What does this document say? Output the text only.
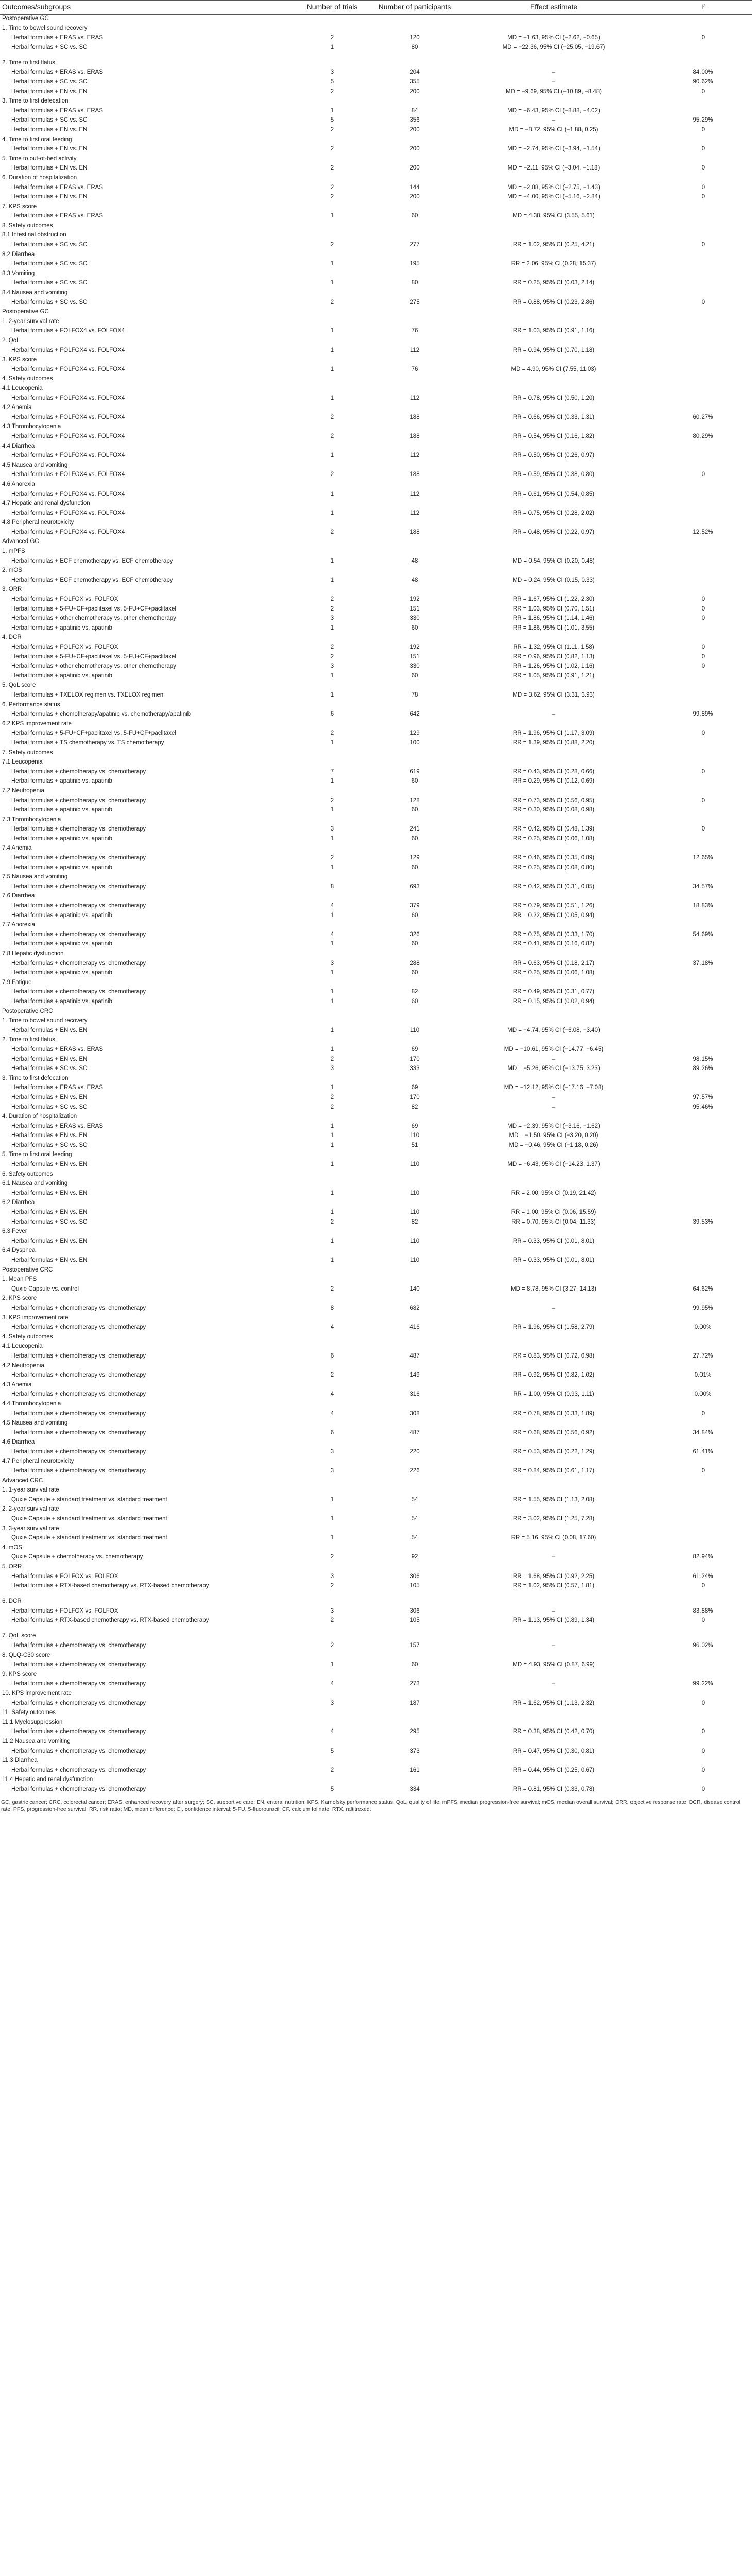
Outcomes/subgroups	Number of trials	Number of participants	Effect estimate	I²
Postoperative GC				
1. Time to bowel sound recovery				
Herbal formulas + ERAS vs. ERAS	2	120	MD = −1.63, 95% CI (−2.62, −0.65)	0
Herbal formulas + SC vs. SC	1	80	MD = −22.36, 95% CI (−25.05, −19.67)	
2. Time to first flatus				
Herbal formulas + ERAS vs. ERAS	3	204	–	84.00%
Herbal formulas + SC vs. SC	5	355	–	90.62%
Herbal formulas + EN vs. EN	2	200	MD = −9.69, 95% CI (−10.89, −8.48)	0
3. Time to first defecation				
Herbal formulas + ERAS vs. ERAS	1	84	MD = −6.43, 95% CI (−8.88, −4.02)	
Herbal formulas + SC vs. SC	5	356	–	95.29%
Herbal formulas + EN vs. EN	2	200	MD = −8.72, 95% CI (−1.88, 0.25)	0
4. Time to first oral feeding				
Herbal formulas + EN vs. EN	2	200	MD = −2.74, 95% CI (−3.94, −1.54)	0
5. Time to out-of-bed activity				
Herbal formulas + EN vs. EN	2	200	MD = −2.11, 95% CI (−3.04, −1.18)	0
6. Duration of hospitalization				
Herbal formulas + ERAS vs. ERAS	2	144	MD = −2.88, 95% CI (−2.75, −1.43)	0
Herbal formulas + EN vs. EN	2	200	MD = −4.00, 95% CI (−5.16, −2.84)	0
7. KPS score				
Herbal formulas + ERAS vs. ERAS	1	60	MD = 4.38, 95% CI (3.55, 5.61)	
8. Safety outcomes				
8.1 Intestinal obstruction				
Herbal formulas + SC vs. SC	2	277	RR = 1.02, 95% CI (0.25, 4.21)	0
8.2 Diarrhea				
Herbal formulas + SC vs. SC	1	195	RR = 2.06, 95% CI (0.28, 15.37)	
8.3 Vomiting				
Herbal formulas + SC vs. SC	1	80	RR = 0.25, 95% CI (0.03, 2.14)	
8.4 Nausea and vomiting				
Herbal formulas + SC vs. SC	2	275	RR = 0.88, 95% CI (0.23, 2.86)	0
Postoperative GC				
1. 2-year survival rate				
Herbal formulas + FOLFOX4 vs. FOLFOX4	1	76	RR = 1.03, 95% CI (0.91, 1.16)	
2. QoL				
Herbal formulas + FOLFOX4 vs. FOLFOX4	1	112	RR = 0.94, 95% CI (0.70, 1.18)	
3. KPS score				
Herbal formulas + FOLFOX4 vs. FOLFOX4	1	76	MD = 4.90, 95% CI (7.55, 11.03)	
4. Safety outcomes				
4.1 Leucopenia				
Herbal formulas + FOLFOX4 vs. FOLFOX4	1	112	RR = 0.78, 95% CI (0.50, 1.20)	
4.2 Anemia				
Herbal formulas + FOLFOX4 vs. FOLFOX4	2	188	RR = 0.66, 95% CI (0.33, 1.31)	60.27%
4.3 Thrombocytopenia				
Herbal formulas + FOLFOX4 vs. FOLFOX4	2	188	RR = 0.54, 95% CI (0.16, 1.82)	80.29%
4.4 Diarrhea				
Herbal formulas + FOLFOX4 vs. FOLFOX4	1	112	RR = 0.50, 95% CI (0.26, 0.97)	
4.5 Nausea and vomiting				
Herbal formulas + FOLFOX4 vs. FOLFOX4	2	188	RR = 0.59, 95% CI (0.38, 0.80)	0
4.6 Anorexia				
Herbal formulas + FOLFOX4 vs. FOLFOX4	1	112	RR = 0.61, 95% CI (0.54, 0.85)	
4.7 Hepatic and renal dysfunction				
Herbal formulas + FOLFOX4 vs. FOLFOX4	1	112	RR = 0.75, 95% CI (0.28, 2.02)	
4.8 Peripheral neurotoxicity				
Herbal formulas + FOLFOX4 vs. FOLFOX4	2	188	RR = 0.48, 95% CI (0.22, 0.97)	12.52%
Advanced GC				
1. mPFS				
Herbal formulas + ECF chemotherapy vs. ECF chemotherapy	1	48	MD = 0.54, 95% CI (0.20, 0.48)	
2. mOS				
Herbal formulas + ECF chemotherapy vs. ECF chemotherapy	1	48	MD = 0.24, 95% CI (0.15, 0.33)	
3. ORR				
Herbal formulas + FOLFOX vs. FOLFOX	2	192	RR = 1.67, 95% CI (1.22, 2.30)	0
Herbal formulas + 5-FU+CF+paclitaxel vs. 5-FU+CF+paclitaxel	2	151	RR = 1.03, 95% CI (0.70, 1.51)	0
Herbal formulas + other chemotherapy vs. other chemotherapy	3	330	RR = 1.86, 95% CI (1.14, 1.46)	0
Herbal formulas + apatinib vs. apatinib	1	60	RR = 1.86, 95% CI (1.01, 3.55)	
4. DCR				
Herbal formulas + FOLFOX vs. FOLFOX	2	192	RR = 1.32, 95% CI (1.11, 1.58)	0
Herbal formulas + 5-FU+CF+paclitaxel vs. 5-FU+CF+paclitaxel	2	151	RR = 0.96, 95% CI (0.82, 1.13)	0
Herbal formulas + other chemotherapy vs. other chemotherapy	3	330	RR = 1.26, 95% CI (1.02, 1.16)	0
Herbal formulas + apatinib vs. apatinib	1	60	RR = 1.05, 95% CI (0.91, 1.21)	
5. QoL score				
Herbal formulas + TXELOX regimen vs. TXELOX regimen	1	78	MD = 3.62, 95% CI (3.31, 3.93)	
6. Performance status				
Herbal formulas + chemotherapy/apatinib vs. chemotherapy/apatinib	6	642	–	99.89%
6.2 KPS improvement rate				
Herbal formulas + 5-FU+CF+paclitaxel vs. 5-FU+CF+paclitaxel	2	129	RR = 1.96, 95% CI (1.17, 3.09)	0
Herbal formulas + TS chemotherapy vs. TS chemotherapy	1	100	RR = 1.39, 95% CI (0.88, 2.20)	
7. Safety outcomes				
7.1 Leucopenia				
Herbal formulas + chemotherapy vs. chemotherapy	7	619	RR = 0.43, 95% CI (0.28, 0.66)	0
Herbal formulas + apatinib vs. apatinib	1	60	RR = 0.29, 95% CI (0.12, 0.69)	
7.2 Neutropenia				
Herbal formulas + chemotherapy vs. chemotherapy	2	128	RR = 0.73, 95% CI (0.56, 0.95)	0
Herbal formulas + apatinib vs. apatinib	1	60	RR = 0.30, 95% CI (0.08, 0.98)	
7.3 Thrombocytopenia				
Herbal formulas + chemotherapy vs. chemotherapy	3	241	RR = 0.42, 95% CI (0.48, 1.39)	0
Herbal formulas + apatinib vs. apatinib	1	60	RR = 0.25, 95% CI (0.06, 1.08)	
7.4 Anemia				
Herbal formulas + chemotherapy vs. chemotherapy	2	129	RR = 0.46, 95% CI (0.35, 0.89)	12.65%
Herbal formulas + apatinib vs. apatinib	1	60	RR = 0.25, 95% CI (0.08, 0.80)	
7.5 Nausea and vomiting				
Herbal formulas + chemotherapy vs. chemotherapy	8	693	RR = 0.42, 95% CI (0.31, 0.85)	34.57%
7.6 Diarrhea				
Herbal formulas + chemotherapy vs. chemotherapy	4	379	RR = 0.79, 95% CI (0.51, 1.26)	18.83%
Herbal formulas + apatinib vs. apatinib	1	60	RR = 0.22, 95% CI (0.05, 0.94)	
7.7 Anorexia				
Herbal formulas + chemotherapy vs. chemotherapy	4	326	RR = 0.75, 95% CI (0.33, 1.70)	54.69%
Herbal formulas + apatinib vs. apatinib	1	60	RR = 0.41, 95% CI (0.16, 0.82)	
7.8 Hepatic dysfunction				
Herbal formulas + chemotherapy vs. chemotherapy	3	288	RR = 0.63, 95% CI (0.18, 2.17)	37.18%
Herbal formulas + apatinib vs. apatinib	1	60	RR = 0.25, 95% CI (0.06, 1.08)	
7.9 Fatigue				
Herbal formulas + chemotherapy vs. chemotherapy	1	82	RR = 0.49, 95% CI (0.31, 0.77)	
Herbal formulas + apatinib vs. apatinib	1	60	RR = 0.15, 95% CI (0.02, 0.94)	
Postoperative CRC				
1. Time to bowel sound recovery				
Herbal formulas + EN vs. EN	1	110	MD = −4.74, 95% CI (−6.08, −3.40)	
2. Time to first flatus				
Herbal formulas + ERAS vs. ERAS	1	69	MD = −10.61, 95% CI (−14.77, −6.45)	
Herbal formulas + EN vs. EN	2	170	–	98.15%
Herbal formulas + SC vs. SC	3	333	MD = −5.26, 95% CI (−13.75, 3.23)	89.26%
3. Time to first defecation				
Herbal formulas + ERAS vs. ERAS	1	69	MD = −12.12, 95% CI (−17.16, −7.08)	
Herbal formulas + EN vs. EN	2	170	–	97.57%
Herbal formulas + SC vs. SC	2	82	–	95.46%
4. Duration of hospitalization				
Herbal formulas + ERAS vs. ERAS	1	69	MD = −2.39, 95% CI (−3.16, −1.62)	
Herbal formulas + EN vs. EN	1	110	MD = −1.50, 95% CI (−3.20, 0.20)	
Herbal formulas + SC vs. SC	1	51	MD = −0.46, 95% CI (−1.18, 0.26)	
5. Time to first oral feeding				
Herbal formulas + EN vs. EN	1	110	MD = −6.43, 95% CI (−14.23, 1.37)	
6. Safety outcomes				
6.1 Nausea and vomiting				
Herbal formulas + EN vs. EN	1	110	RR = 2.00, 95% CI (0.19, 21.42)	
6.2 Diarrhea				
Herbal formulas + EN vs. EN	1	110	RR = 1.00, 95% CI (0.06, 15.59)	
Herbal formulas + SC vs. SC	2	82	RR = 0.70, 95% CI (0.04, 11.33)	39.53%
6.3 Fever				
Herbal formulas + EN vs. EN	1	110	RR = 0.33, 95% CI (0.01, 8.01)	
6.4 Dyspnea				
Herbal formulas + EN vs. EN	1	110	RR = 0.33, 95% CI (0.01, 8.01)	
Postoperative CRC				
1. Mean PFS				
Quxie Capsule vs. control	2	140	MD = 8.78, 95% CI (3.27, 14.13)	64.62%
2. KPS score				
Herbal formulas + chemotherapy vs. chemotherapy	8	682	–	99.95%
3. KPS improvement rate				
Herbal formulas + chemotherapy vs. chemotherapy	4	416	RR = 1.96, 95% CI (1.58, 2.79)	0.00%
4. Safety outcomes				
4.1 Leucopenia				
Herbal formulas + chemotherapy vs. chemotherapy	6	487	RR = 0.83, 95% CI (0.72, 0.98)	27.72%
4.2 Neutropenia				
Herbal formulas + chemotherapy vs. chemotherapy	2	149	RR = 0.92, 95% CI (0.82, 1.02)	0.01%
4.3 Anemia				
Herbal formulas + chemotherapy vs. chemotherapy	4	316	RR = 1.00, 95% CI (0.93, 1.11)	0.00%
4.4 Thrombocytopenia				
Herbal formulas + chemotherapy vs. chemotherapy	4	308	RR = 0.78, 95% CI (0.33, 1.89)	0
4.5 Nausea and vomiting				
Herbal formulas + chemotherapy vs. chemotherapy	6	487	RR = 0.68, 95% CI (0.56, 0.92)	34.84%
4.6 Diarrhea				
Herbal formulas + chemotherapy vs. chemotherapy	3	220	RR = 0.53, 95% CI (0.22, 1.29)	61.41%
4.7 Peripheral neurotoxicity				
Herbal formulas + chemotherapy vs. chemotherapy	3	226	RR = 0.84, 95% CI (0.61, 1.17)	0
Advanced CRC				
1. 1-year survival rate				
Quxie Capsule + standard treatment vs. standard treatment	1	54	RR = 1.55, 95% CI (1.13, 2.08)	
2. 2-year survival rate				
Quxie Capsule + standard treatment vs. standard treatment	1	54	RR = 3.02, 95% CI (1.25, 7.28)	
3. 3-year survival rate				
Quxie Capsule + standard treatment vs. standard treatment	1	54	RR = 5.16, 95% CI (0.08, 17.60)	
4. mOS				
Quxie Capsule + chemotherapy vs. chemotherapy	2	92	–	82.94%
5. ORR				
Herbal formulas + FOLFOX vs. FOLFOX	3	306	RR = 1.68, 95% CI (0.92, 2.25)	61.24%
Herbal formulas + RTX-based chemotherapy vs. RTX-based chemotherapy	2	105	RR = 1.02, 95% CI (0.57, 1.81)	0
6. DCR				
Herbal formulas + FOLFOX vs. FOLFOX	3	306	–	83.88%
Herbal formulas + RTX-based chemotherapy vs. RTX-based chemotherapy	2	105	RR = 1.13, 95% CI (0.89, 1.34)	0
7. QoL score				
Herbal formulas + chemotherapy vs. chemotherapy	2	157	–	96.02%
8. QLQ-C30 score				
Herbal formulas + chemotherapy vs. chemotherapy	1	60	MD = 4.93, 95% CI (0.87, 6.99)	
9. KPS score				
Herbal formulas + chemotherapy vs. chemotherapy	4	273	–	99.22%
10. KPS improvement rate				
Herbal formulas + chemotherapy vs. chemotherapy	3	187	RR = 1.62, 95% CI (1.13, 2.32)	0
11. Safety outcomes				
11.1 Myelosuppression				
Herbal formulas + chemotherapy vs. chemotherapy	4	295	RR = 0.38, 95% CI (0.42, 0.70)	0
11.2 Nausea and vomiting				
Herbal formulas + chemotherapy vs. chemotherapy	5	373	RR = 0.47, 95% CI (0.30, 0.81)	0
11.3 Diarrhea				
Herbal formulas + chemotherapy vs. chemotherapy	2	161	RR = 0.44, 95% CI (0.25, 0.67)	0
11.4 Hepatic and renal dysfunction				
Herbal formulas + chemotherapy vs. chemotherapy	5	334	RR = 0.81, 95% CI (0.33, 0.78)	0
GC, gastric cancer; CRC, colorectal cancer; ERAS, enhanced recovery after surgery; SC, supportive care; EN, enteral nutrition; KPS, Karnofsky performance status; QoL, quality of life; mPFS, median progression-free survival; mOS, median overall survival; ORR, objective response rate; DCR, disease control rate; PFS, progression-free survival; RR, risk ratio; MD, mean difference; CI, confidence interval; 5-FU, 5-fluorouracil; CF, calcium folinate; RTX, raltitrexed.
